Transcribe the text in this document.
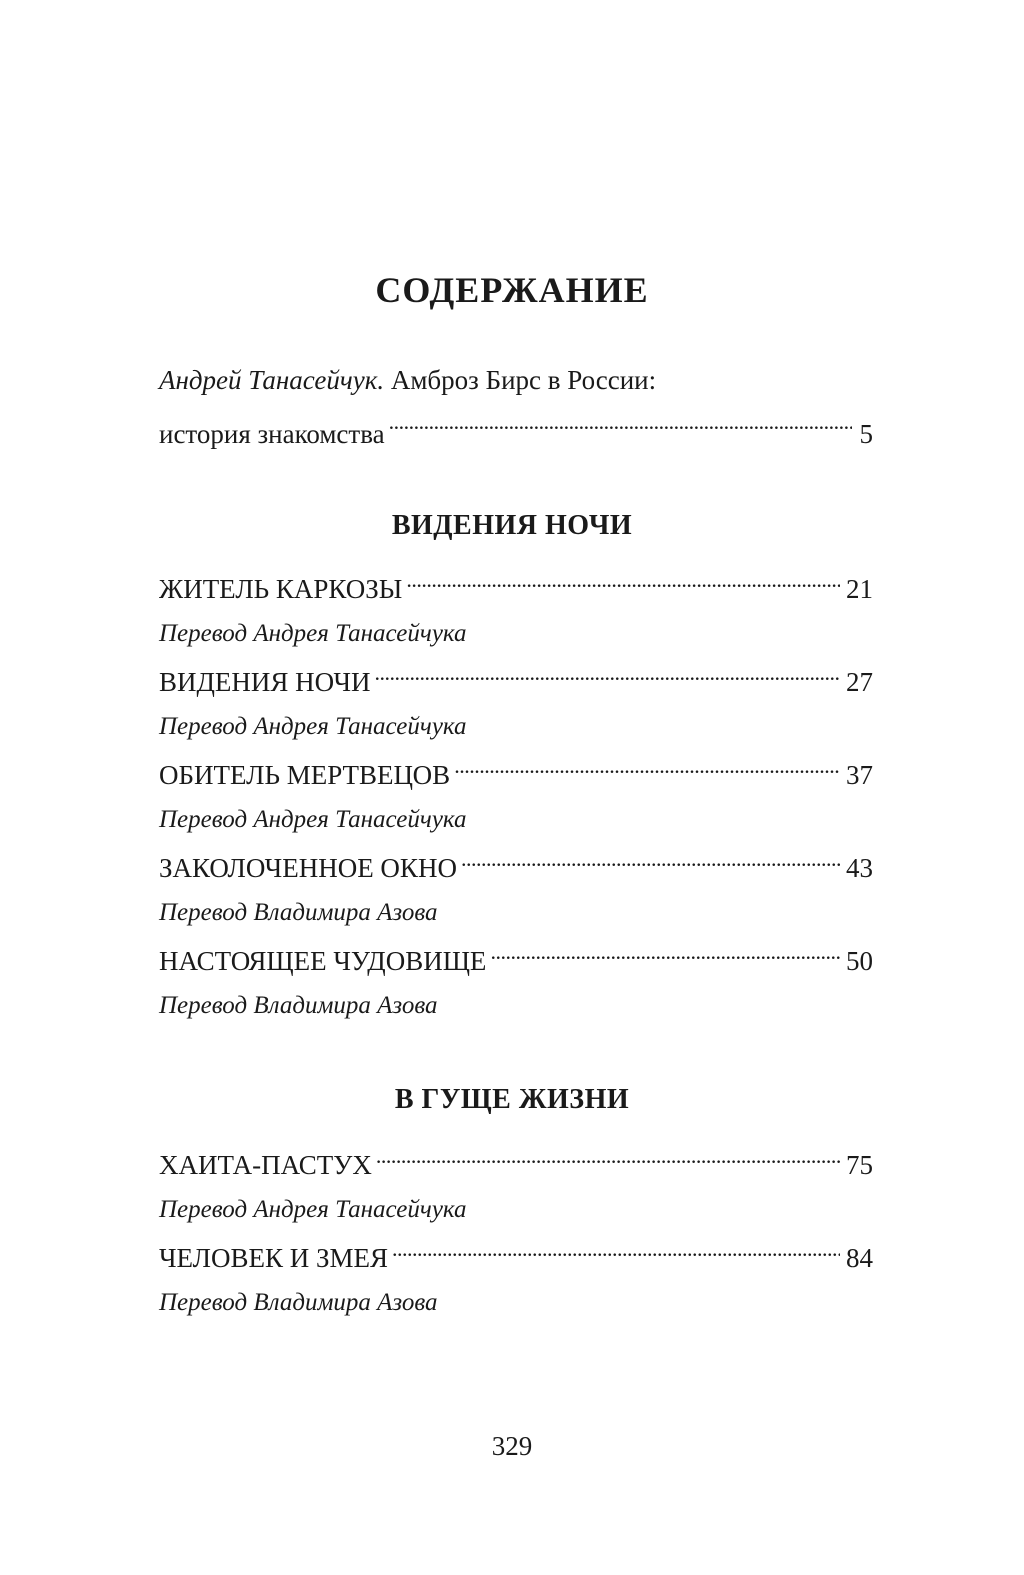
СОДЕРЖАНИЕ
Андрей Танасейчук. Амброз Бирс в России:
история знакомства . . .	5
ВИДЕНИЯ НОЧИ
ЖИТЕЛЬ КАРКОЗЫ . . .	21
Перевод Андрея Танасейчука
ВИДЕНИЯ НОЧИ . . .	27
Перевод Андрея Танасейчука
ОБИТЕЛЬ МЕРТВЕЦОВ . . .	37
Перевод Андрея Танасейчука
ЗАКОЛОЧЕННОЕ ОКНО . . .	43
Перевод Владимира Азова
НАСТОЯЩЕЕ ЧУДОВИЩЕ . . .	50
Перевод Владимира Азова
В ГУЩЕ ЖИЗНИ
ХАИТА-ПАСТУХ . . .	75
Перевод Андрея Танасейчука
ЧЕЛОВЕК И ЗМЕЯ . . .	84
Перевод Владимира Азова
329
